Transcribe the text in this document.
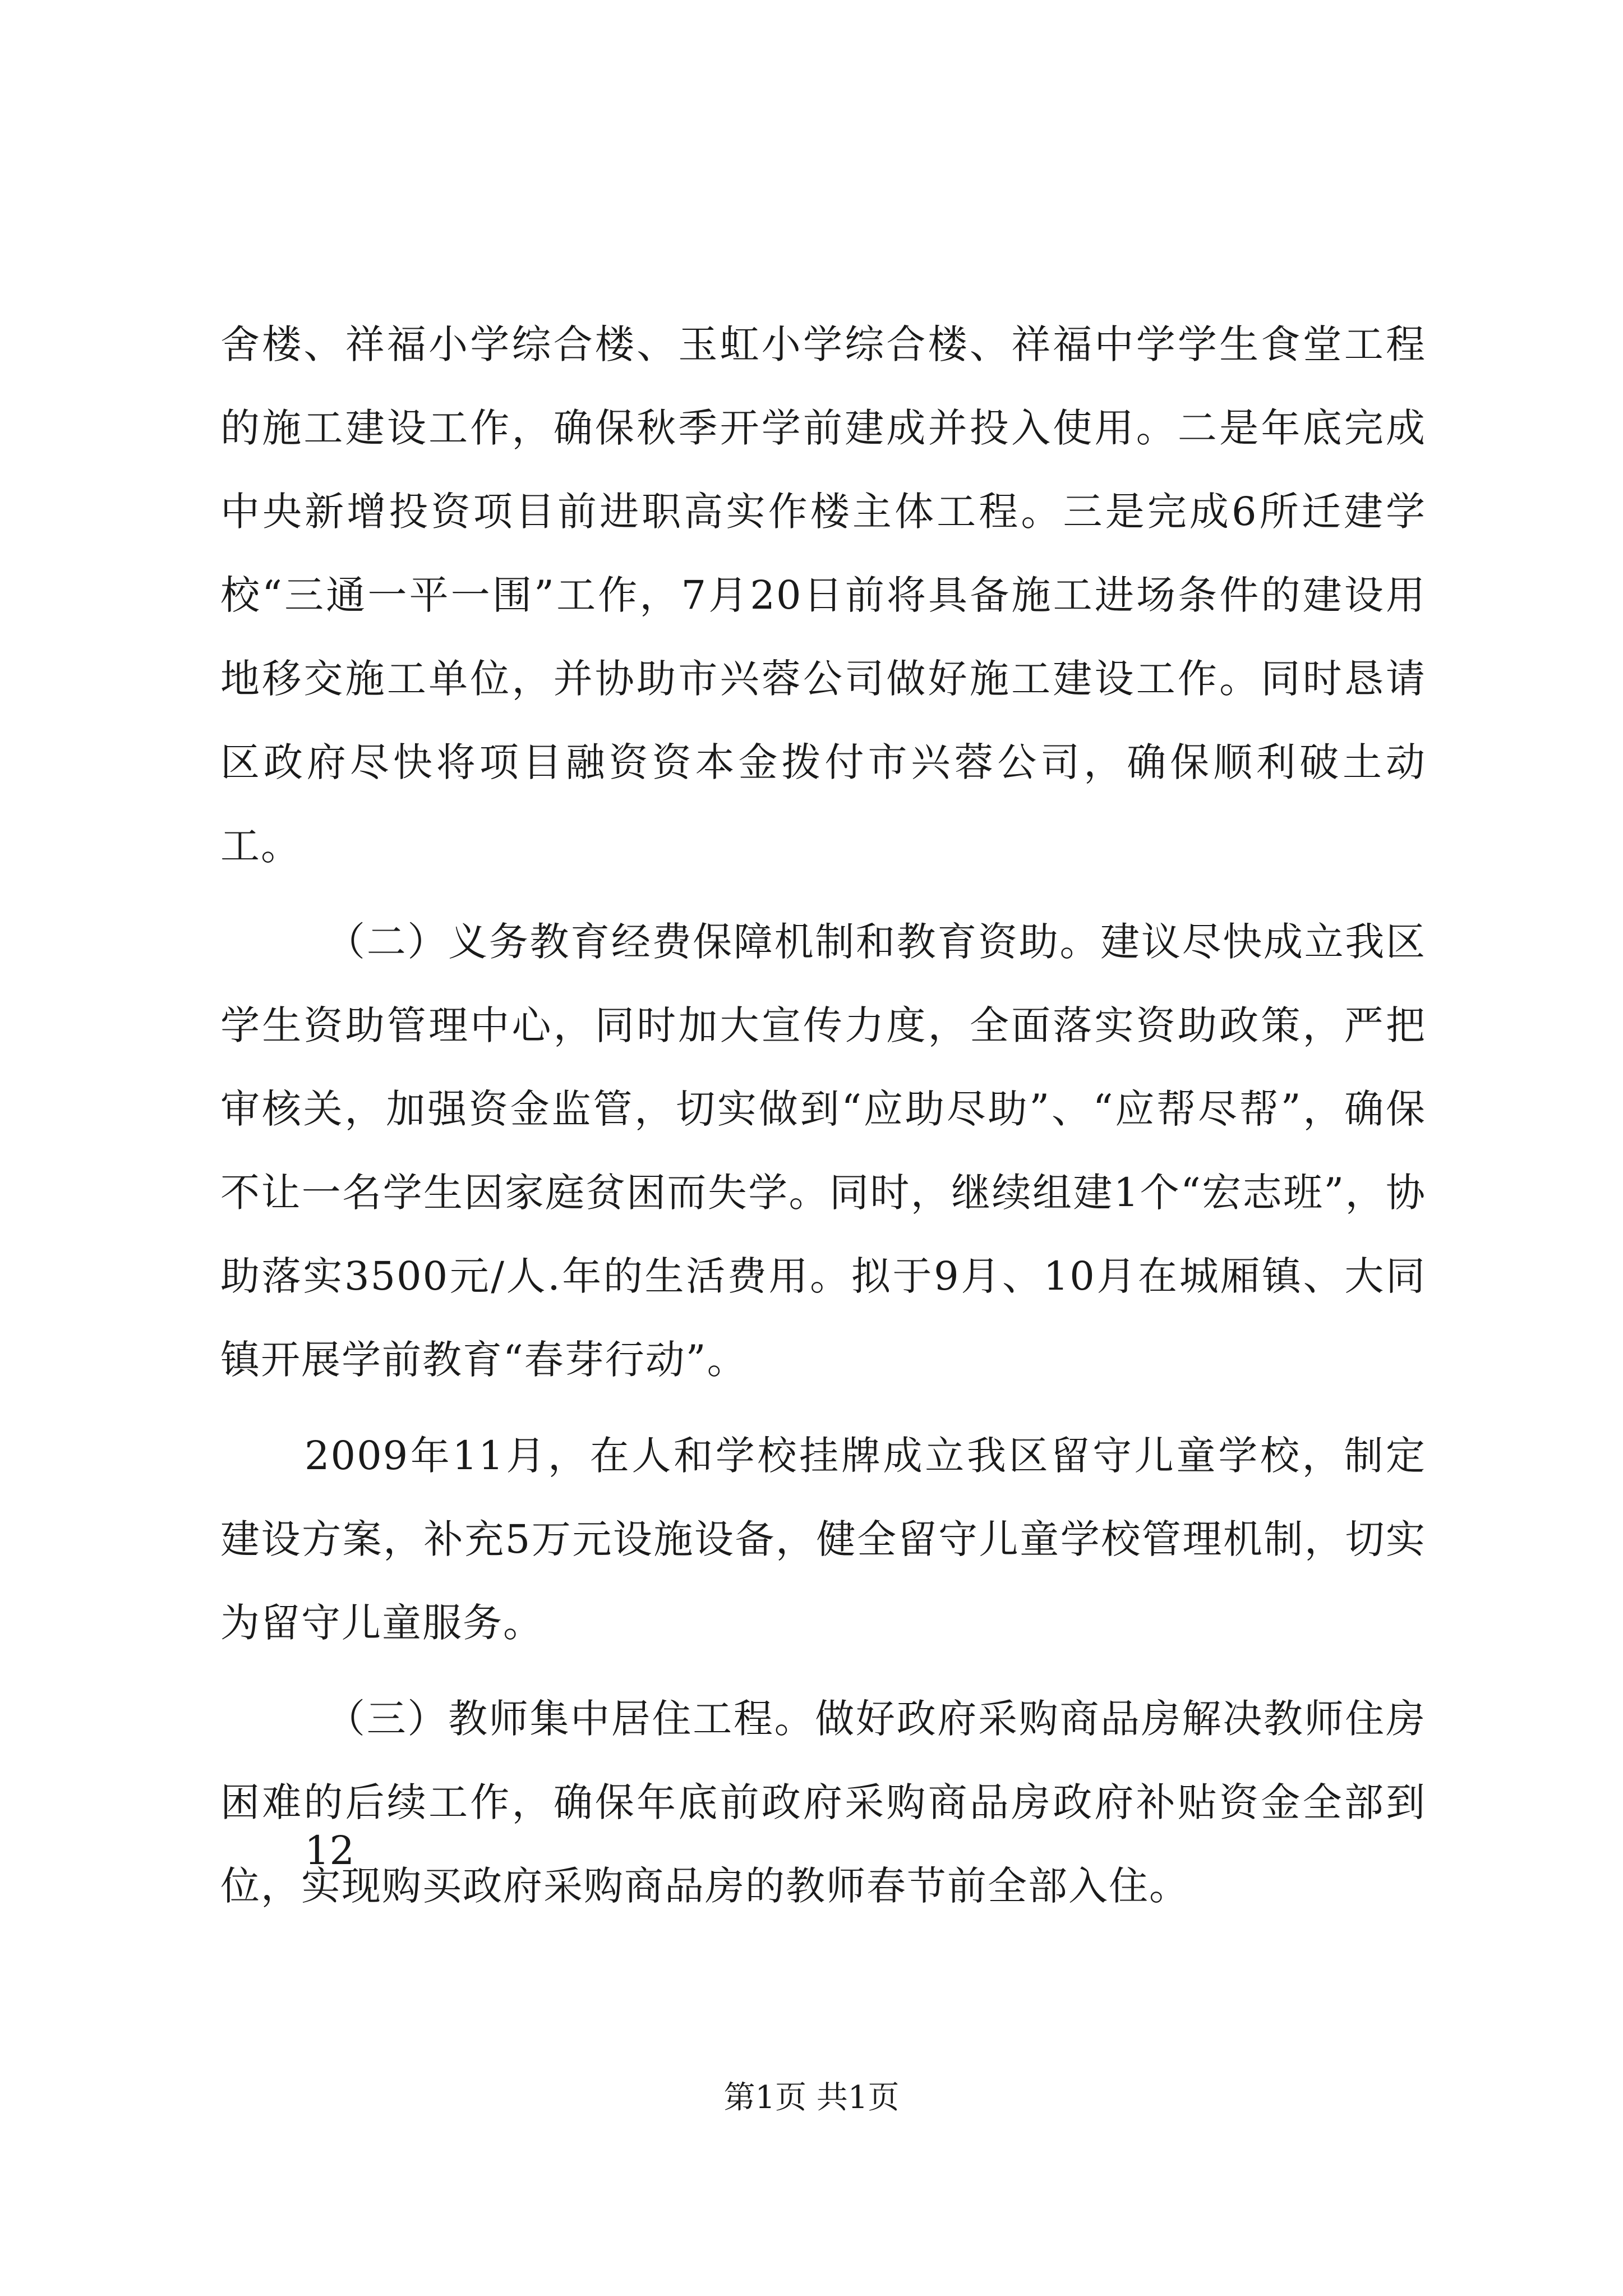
舍楼、祥福小学综合楼、玉虹小学综合楼、祥福中学学生食堂工程的施工建设工作，确保秋季开学前建成并投入使用。二是年底完成中央新增投资项目前进职高实作楼主体工程。三是完成6所迁建学校“三通一平一围”工作，7月20日前将具备施工进场条件的建设用地移交施工单位，并协助市兴蓉公司做好施工建设工作。同时恳请区政府尽快将项目融资资本金拨付市兴蓉公司，确保顺利破土动工。

（二）义务教育经费保障机制和教育资助。建议尽快成立我区学生资助管理中心，同时加大宣传力度，全面落实资助政策，严把审核关，加强资金监管，切实做到“应助尽助”、“应帮尽帮”，确保不让一名学生因家庭贫困而失学。同时，继续组建1个“宏志班”，协助落实3500元/人.年的生活费用。拟于9月、10月在城厢镇、大同镇开展学前教育“春芽行动”。

2009年11月，在人和学校挂牌成立我区留守儿童学校，制定建设方案，补充5万元设施设备，健全留守儿童学校管理机制，切实为留守儿童服务。

（三）教师集中居住工程。做好政府采购商品房解决教师住房困难的后续工作，确保年底前政府采购商品房政府补贴资金全部到位，实现购买政府采购商品房的教师春节前全部入住。

12
第1页 共1页
